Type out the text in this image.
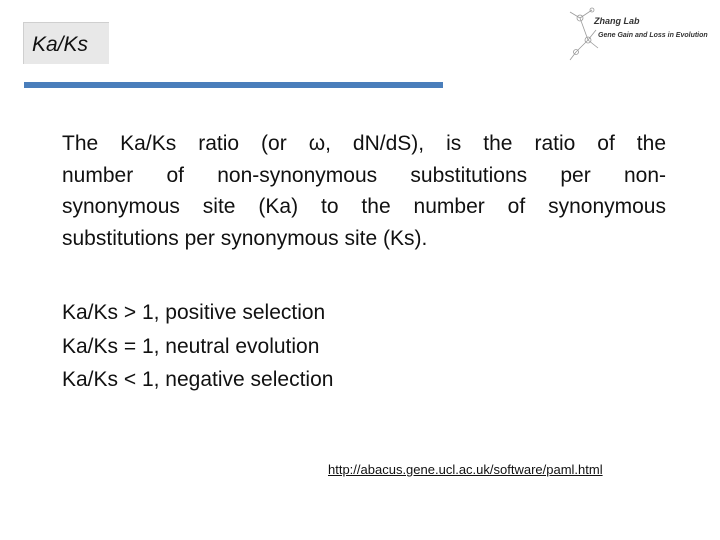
Ka/Ks
Zhang Lab
Gene Gain and Loss in Evolution
The Ka/Ks ratio (or ω, dN/dS), is the ratio of the
number of non-synonymous substitutions per non-
synonymous site (Ka) to the number of synonymous
substitutions per synonymous site (Ks).
Ka/Ks > 1, positive selection
Ka/Ks = 1, neutral evolution
Ka/Ks < 1, negative selection
http://abacus.gene.ucl.ac.uk/software/paml.html
